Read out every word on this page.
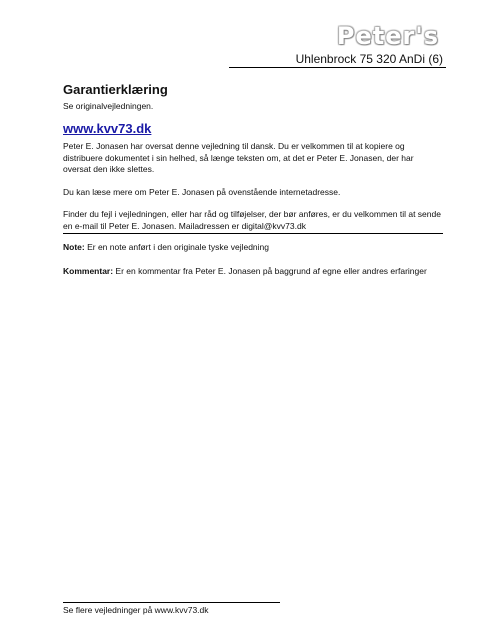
Peter's
Uhlenbrock 75 320 AnDi (6)
Garantierklæring
Se originalvejledningen.
www.kvv73.dk

Peter E. Jonasen har oversat denne vejledning til dansk. Du er velkommen til at kopiere og distribuere dokumentet i sin helhed, så længe teksten om, at det er Peter E. Jonasen, der har oversat den ikke slettes.

Du kan læse mere om Peter E. Jonasen på ovenstående internetadresse.

Finder du fejl i vejledningen, eller har råd og tilføjelser, der bør anføres, er du velkommen til at sende en e-mail til Peter E. Jonasen. Mailadressen er digital@kvv73.dk

Note: Er en note anført i den originale tyske vejledning
Kommentar: Er en kommentar fra Peter E. Jonasen på baggrund af egne eller andres erfaringer
Se flere vejledninger på www.kvv73.dk
